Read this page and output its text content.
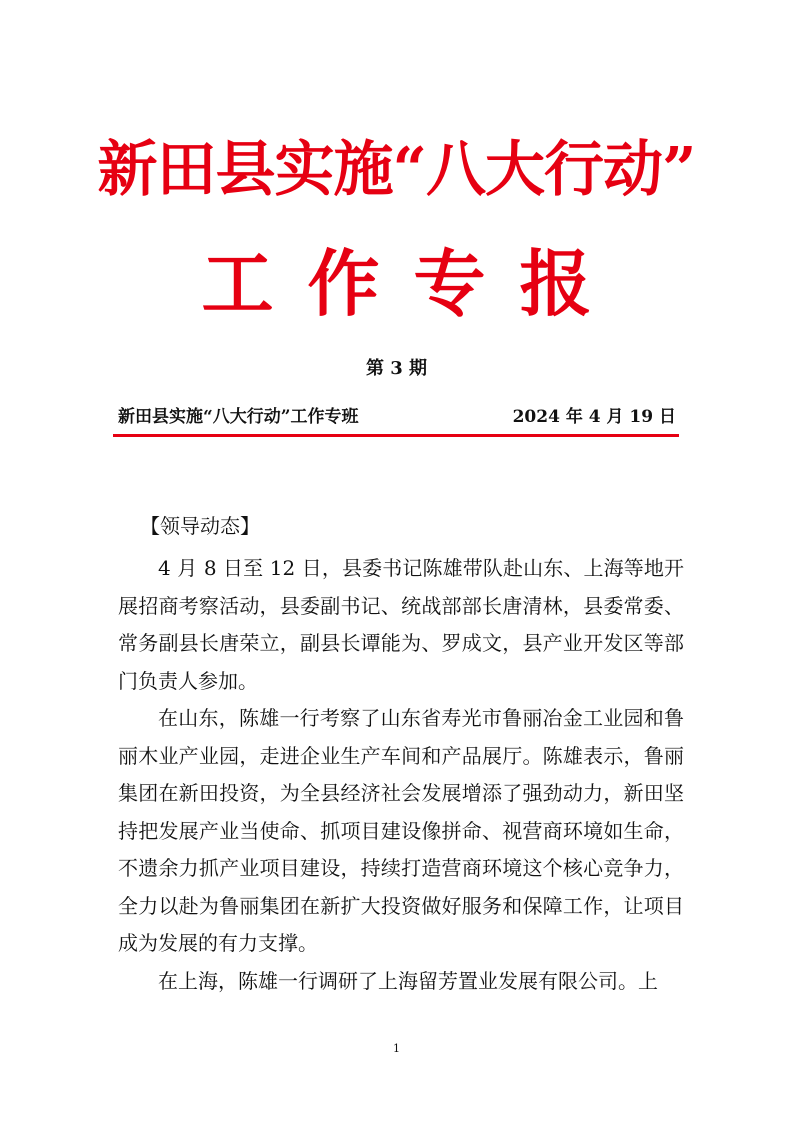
新田县实施“八大行动”
工作专报
第 3 期
新田县实施“八大行动”工作专班	2024 年 4 月 19 日
【领导动态】

4 月 8 日至 12 日，县委书记陈雄带队赴山东、上海等地开展招商考察活动，县委副书记、统战部部长唐清林，县委常委、常务副县长唐荣立，副县长谭能为、罗成文，县产业开发区等部门负责人参加。

在山东，陈雄一行考察了山东省寿光市鲁丽冶金工业园和鲁丽木业产业园，走进企业生产车间和产品展厅。陈雄表示，鲁丽集团在新田投资，为全县经济社会发展增添了强劲动力，新田坚持把发展产业当使命、抓项目建设像拼命、视营商环境如生命，不遗余力抓产业项目建设，持续打造营商环境这个核心竞争力，全力以赴为鲁丽集团在新扩大投资做好服务和保障工作，让项目成为发展的有力支撑。

在上海，陈雄一行调研了上海留芳置业发展有限公司。上

1
